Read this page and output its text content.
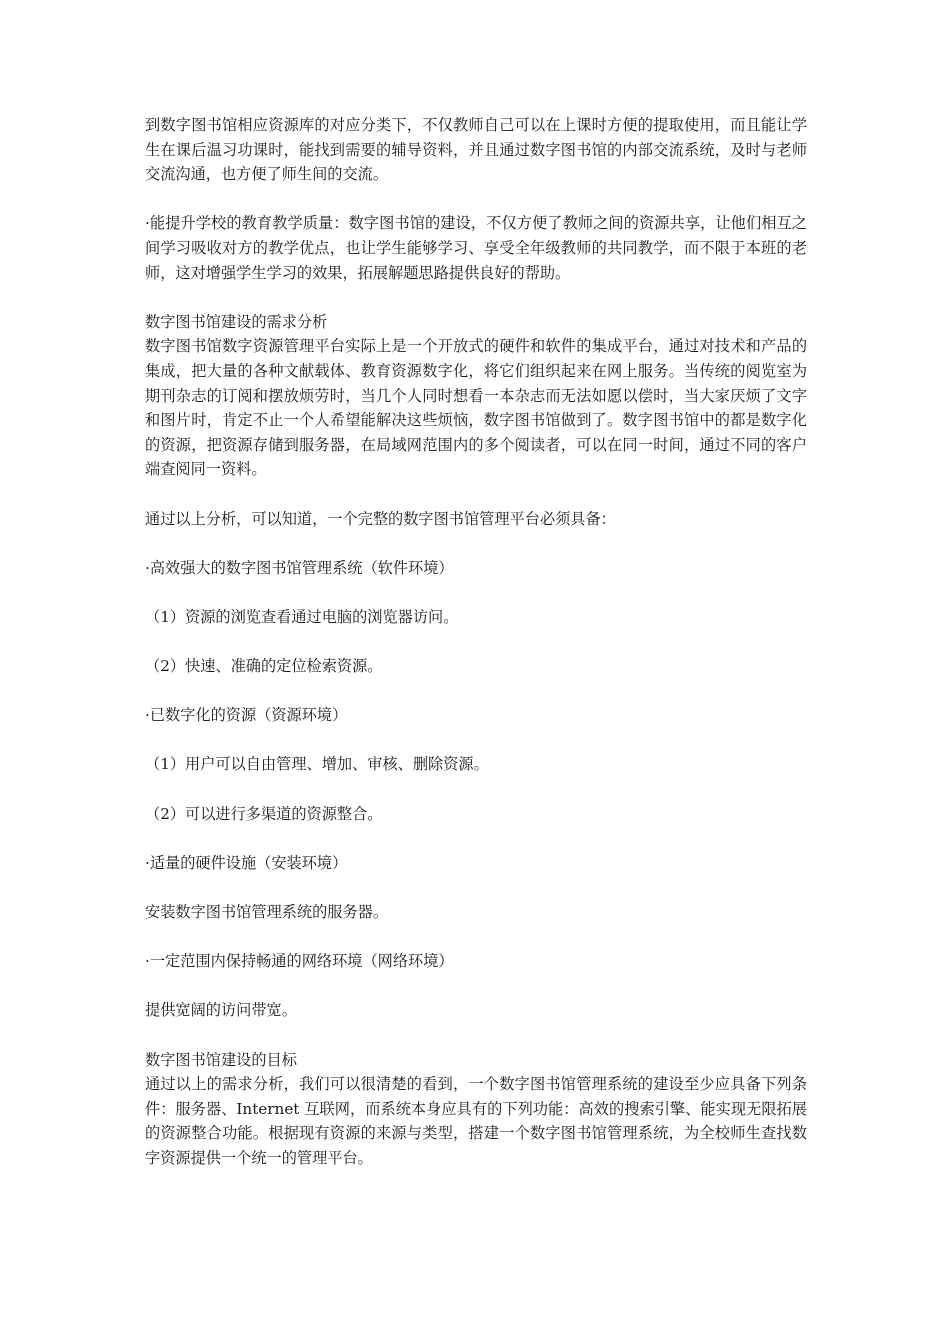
到数字图书馆相应资源库的对应分类下，不仅教师自己可以在上课时方便的提取使用，而且能让学生在课后温习功课时，能找到需要的辅导资料，并且通过数字图书馆的内部交流系统，及时与老师交流沟通，也方便了师生间的交流。

·能提升学校的教育教学质量：数字图书馆的建设，不仅方便了教师之间的资源共享，让他们相互之间学习吸收对方的教学优点，也让学生能够学习、享受全年级教师的共同教学，而不限于本班的老师，这对增强学生学习的效果，拓展解题思路提供良好的帮助。

数字图书馆建设的需求分析

数字图书馆数字资源管理平台实际上是一个开放式的硬件和软件的集成平台，通过对技术和产品的集成，把大量的各种文献载体、教育资源数字化，将它们组织起来在网上服务。当传统的阅览室为期刊杂志的订阅和摆放烦劳时，当几个人同时想看一本杂志而无法如愿以偿时，当大家厌烦了文字和图片时，肯定不止一个人希望能解决这些烦恼，数字图书馆做到了。数字图书馆中的都是数字化的资源，把资源存储到服务器，在局域网范围内的多个阅读者，可以在同一时间，通过不同的客户端查阅同一资料。

通过以上分析，可以知道，一个完整的数字图书馆管理平台必须具备：

·高效强大的数字图书馆管理系统（软件环境）

（1）资源的浏览查看通过电脑的浏览器访问。

（2）快速、准确的定位检索资源。

·已数字化的资源（资源环境）

（1）用户可以自由管理、增加、审核、删除资源。

（2）可以进行多渠道的资源整合。

·适量的硬件设施（安装环境）

安装数字图书馆管理系统的服务器。

·一定范围内保持畅通的网络环境（网络环境）

提供宽阔的访问带宽。

数字图书馆建设的目标

通过以上的需求分析，我们可以很清楚的看到，一个数字图书馆管理系统的建设至少应具备下列条件：服务器、Internet 互联网，而系统本身应具有的下列功能：高效的搜索引擎、能实现无限拓展的资源整合功能。根据现有资源的来源与类型，搭建一个数字图书馆管理系统，为全校师生查找数字资源提供一个统一的管理平台。
